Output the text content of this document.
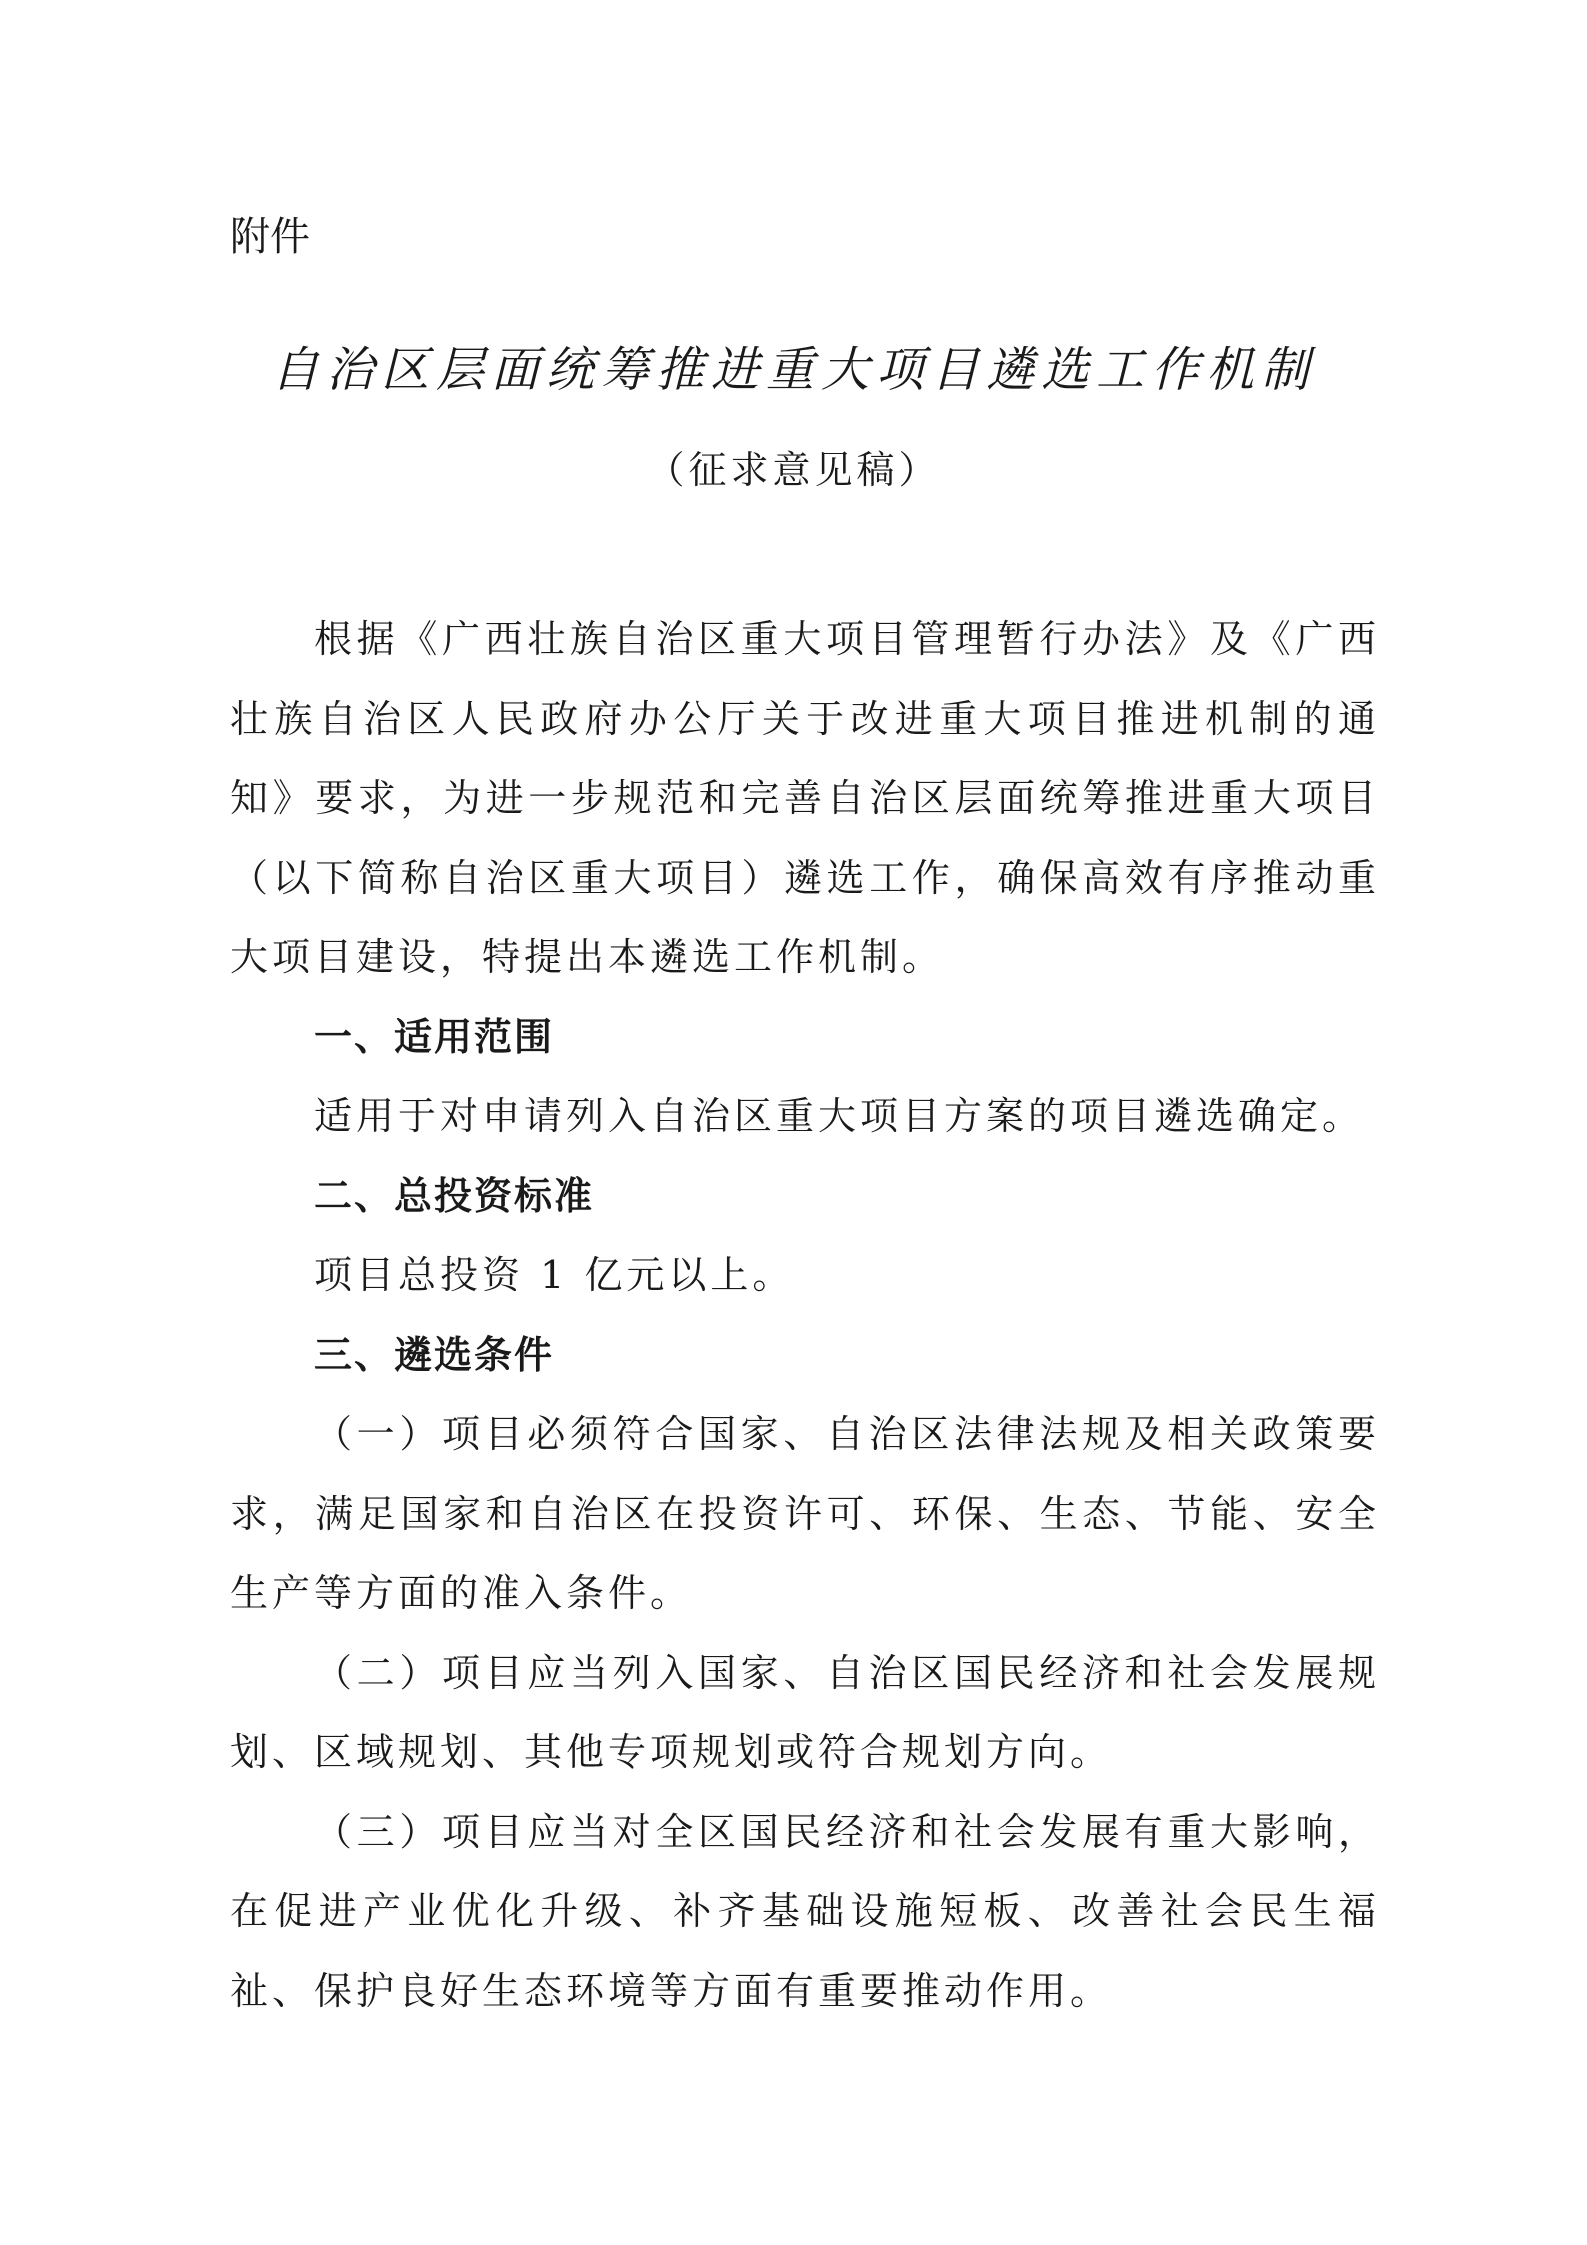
附件

自治区层面统筹推进重大项目遴选工作机制

（征求意见稿）

根据《广西壮族自治区重大项目管理暂行办法》及《广西壮族自治区人民政府办公厅关于改进重大项目推进机制的通知》要求，为进一步规范和完善自治区层面统筹推进重大项目（以下简称自治区重大项目）遴选工作，确保高效有序推动重大项目建设，特提出本遴选工作机制。

一、适用范围

适用于对申请列入自治区重大项目方案的项目遴选确定。

二、总投资标准

项目总投资 1 亿元以上。

三、遴选条件

（一）项目必须符合国家、自治区法律法规及相关政策要求，满足国家和自治区在投资许可、环保、生态、节能、安全生产等方面的准入条件。

（二）项目应当列入国家、自治区国民经济和社会发展规划、区域规划、其他专项规划或符合规划方向。

（三）项目应当对全区国民经济和社会发展有重大影响，在促进产业优化升级、补齐基础设施短板、改善社会民生福祉、保护良好生态环境等方面有重要推动作用。
